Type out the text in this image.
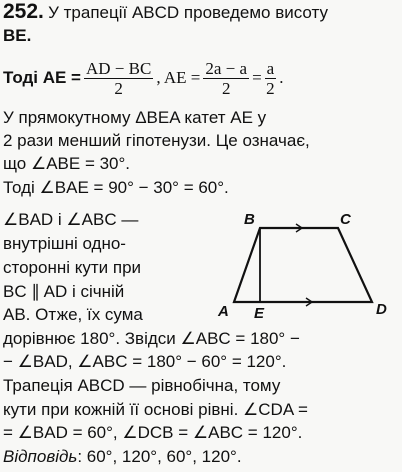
252. У трапеції ABCD проведемо висоту
BE.
Тоді AE = $\frac{AD - BC}{2}$ , AE = $\frac{2a - a}{2} = \frac{a}{2}$ .
У прямокутному ΔBEA катет AE у
2 рази менший гіпотенузи. Це означає,
що ∠ABE = 30°.
Тоді ∠BAE = 90° − 30° = 60°.
∠BAD і ∠ABC —
внутрішні одно-
сторонні кути при
BC ∥ AD і січній
AB. Отже, їх сума
дорівнює 180°. Звідси ∠ABC = 180° −
− ∠BAD, ∠ABC = 180° − 60° = 120°.
Трапеція ABCD — рівнобічна, тому
кути при кожній її основі рівні. ∠CDA =
= ∠BAD = 60°, ∠DCB = ∠ABC = 120°.
Відповідь: 60°, 120°, 60°, 120°.
B	C
A E	D
